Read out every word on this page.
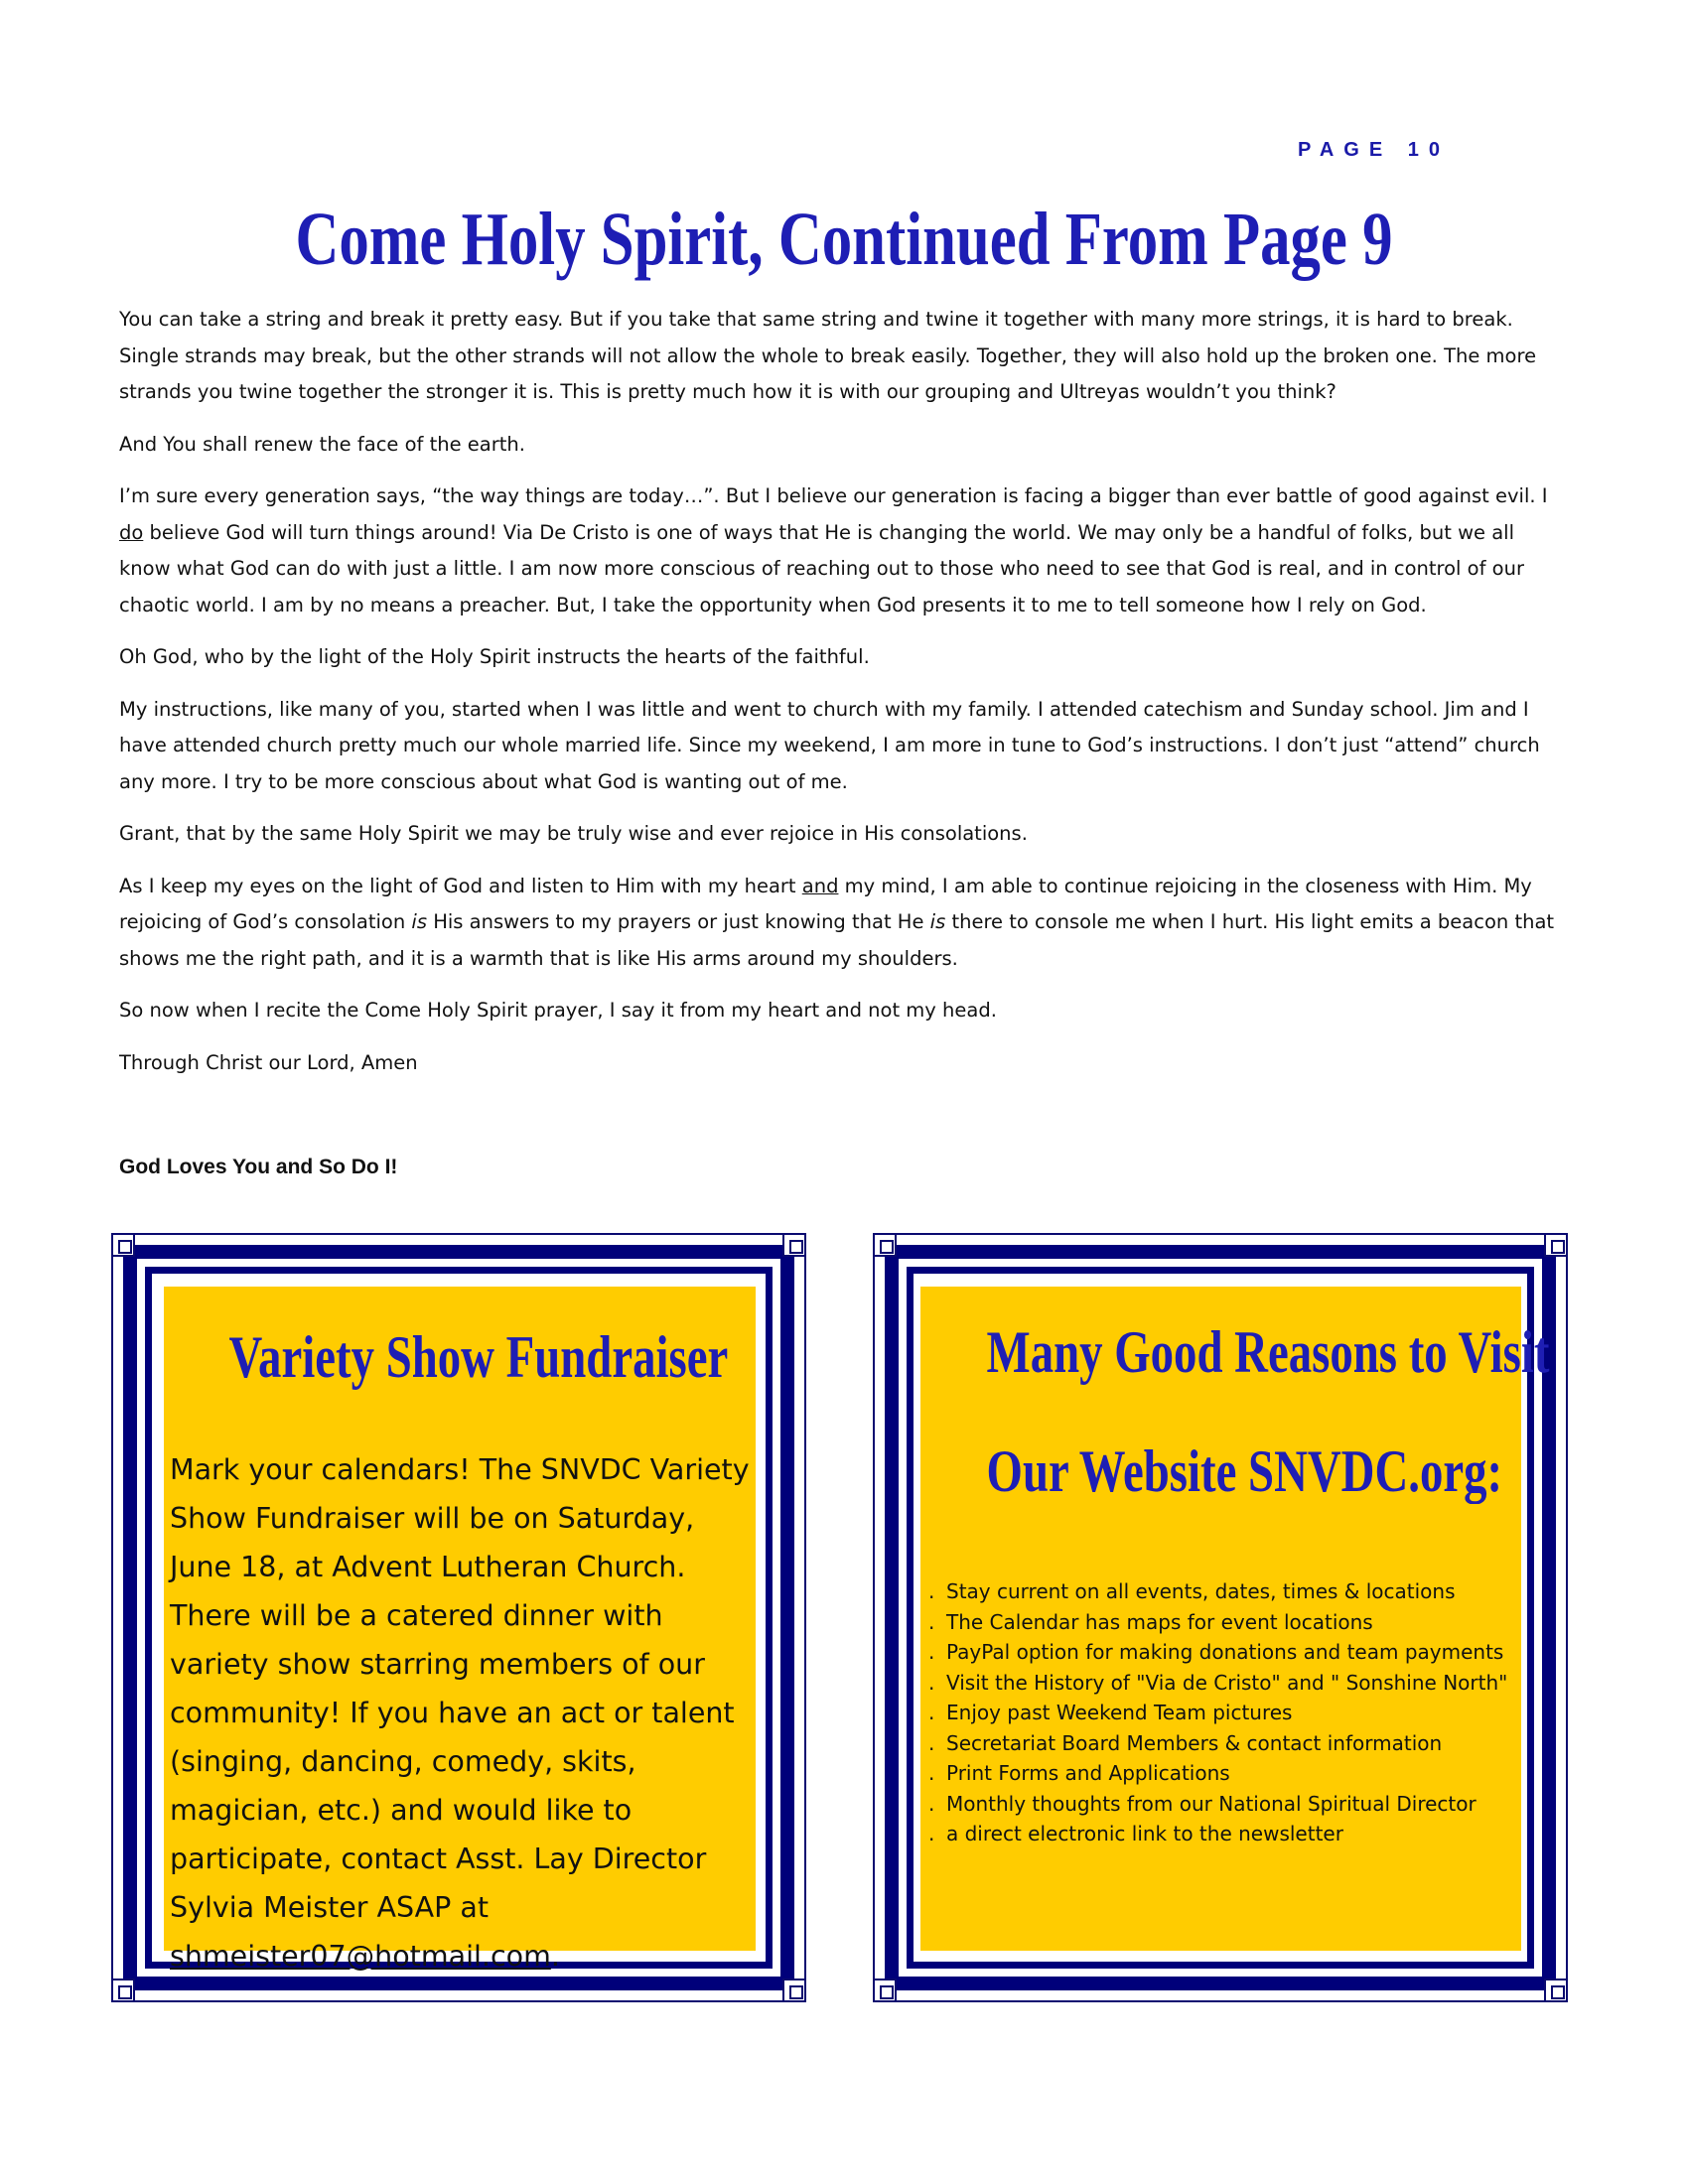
PAGE 10
Come Holy Spirit, Continued From Page 9

You can take a string and break it pretty easy. But if you take that same string and twine it together with many more strings, it is hard to break. Single strands may break, but the other strands will not allow the whole to break easily. Together, they will also hold up the broken one. The more strands you twine together the stronger it is. This is pretty much how it is with our grouping and Ultreyas wouldn’t you think?

And You shall renew the face of the earth.

I’m sure every generation says, “the way things are today…”. But I believe our generation is facing a bigger than ever battle of good against evil. I do believe God will turn things around! Via De Cristo is one of ways that He is changing the world. We may only be a handful of folks, but we all know what God can do with just a little. I am now more conscious of reaching out to those who need to see that God is real, and in control of our chaotic world. I am by no means a preacher. But, I take the opportunity when God presents it to me to tell someone how I rely on God.

Oh God, who by the light of the Holy Spirit instructs the hearts of the faithful.

My instructions, like many of you, started when I was little and went to church with my family. I attended catechism and Sunday school. Jim and I have attended church pretty much our whole married life. Since my weekend, I am more in tune to God’s instructions. I don’t just “attend” church any more. I try to be more conscious about what God is wanting out of me.

Grant, that by the same Holy Spirit we may be truly wise and ever rejoice in His consolations.

As I keep my eyes on the light of God and listen to Him with my heart and my mind, I am able to continue rejoicing in the closeness with Him. My rejoicing of God’s consolation is His answers to my prayers or just knowing that He is there to console me when I hurt. His light emits a beacon that shows me the right path, and it is a warmth that is like His arms around my shoulders.

So now when I recite the Come Holy Spirit prayer, I say it from my heart and not my head.

Through Christ our Lord, Amen

God Loves You and So Do I!
Variety Show Fundraiser
Mark your calendars! The SNVDC Variety Show Fundraiser will be on Saturday, June 18, at Advent Lutheran Church. There will be a catered dinner with variety show starring members of our community! If you have an act or talent (singing, dancing, comedy, skits, magician, etc.) and would like to participate, contact Asst. Lay Director Sylvia Meister ASAP at shmeister07@hotmail.com.
Many Good Reasons to Visit
Our Website SNVDC.org:
. Stay current on all events, dates, times & locations
. The Calendar has maps for event locations
. PayPal option for making donations and team payments
. Visit the History of "Via de Cristo" and " Sonshine North"
. Enjoy past Weekend Team pictures
. Secretariat Board Members & contact information
. Print Forms and Applications
. Monthly thoughts from our National Spiritual Director
. a direct electronic link to the newsletter
